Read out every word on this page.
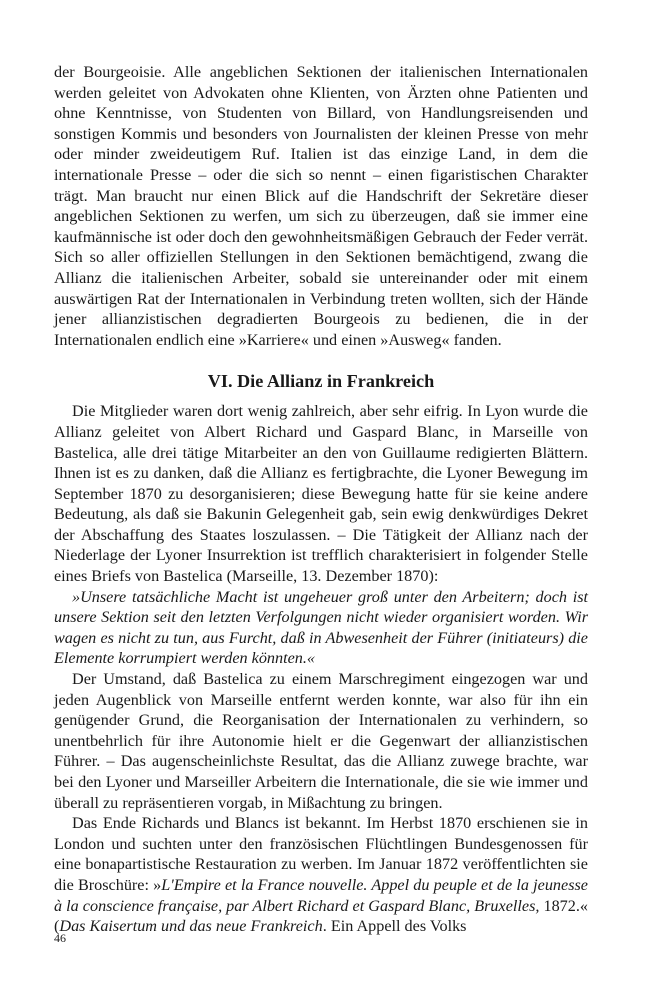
der Bourgeoisie. Alle angeblichen Sektionen der italienischen Internationalen werden geleitet von Advokaten ohne Klienten, von Ärzten ohne Patienten und ohne Kenntnisse, von Studenten von Billard, von Handlungsreisenden und sonstigen Kommis und besonders von Journalisten der kleinen Presse von mehr oder minder zweideutigem Ruf. Italien ist das einzige Land, in dem die internationale Presse – oder die sich so nennt – einen figaristischen Charakter trägt. Man braucht nur einen Blick auf die Handschrift der Sekretäre dieser angeblichen Sektionen zu werfen, um sich zu überzeugen, daß sie immer eine kaufmännische ist oder doch den gewohnheitsmäßigen Gebrauch der Feder verrät. Sich so aller offiziellen Stellungen in den Sektionen bemächtigend, zwang die Allianz die italienischen Arbeiter, sobald sie untereinander oder mit einem auswärtigen Rat der Internationalen in Verbindung treten wollten, sich der Hände jener allianzistischen degradierten Bourgeois zu bedienen, die in der Internationalen endlich eine »Karriere« und einen »Ausweg« fanden.

VI. Die Allianz in Frankreich

Die Mitglieder waren dort wenig zahlreich, aber sehr eifrig. In Lyon wurde die Allianz geleitet von Albert Richard und Gaspard Blanc, in Marseille von Bastelica, alle drei tätige Mitarbeiter an den von Guillaume redigierten Blättern. Ihnen ist es zu danken, daß die Allianz es fertigbrachte, die Lyoner Bewegung im September 1870 zu desorganisieren; diese Bewegung hatte für sie keine andere Bedeutung, als daß sie Bakunin Gelegenheit gab, sein ewig denkwürdiges Dekret der Abschaffung des Staates loszulassen. – Die Tätigkeit der Allianz nach der Niederlage der Lyoner Insurrektion ist trefflich charakterisiert in folgender Stelle eines Briefs von Bastelica (Marseille, 13. Dezember 1870):

»Unsere tatsächliche Macht ist ungeheuer groß unter den Arbeitern; doch ist unsere Sektion seit den letzten Verfolgungen nicht wieder organisiert worden. Wir wagen es nicht zu tun, aus Furcht, daß in Abwesenheit der Führer (initiateurs) die Elemente korrumpiert werden könnten.«

Der Umstand, daß Bastelica zu einem Marschregiment eingezogen war und jeden Augenblick von Marseille entfernt werden konnte, war also für ihn ein genügender Grund, die Reorganisation der Internationalen zu verhindern, so unentbehrlich für ihre Autonomie hielt er die Gegenwart der allianzistischen Führer. – Das augenscheinlichste Resultat, das die Allianz zuwege brachte, war bei den Lyoner und Marseiller Arbeitern die Internationale, die sie wie immer und überall zu repräsentieren vorgab, in Mißachtung zu bringen.

Das Ende Richards und Blancs ist bekannt. Im Herbst 1870 erschienen sie in London und suchten unter den französischen Flüchtlingen Bundesgenossen für eine bonapartistische Restauration zu werben. Im Januar 1872 veröffentlichten sie die Broschüre: »L'Empire et la France nouvelle. Appel du peuple et de la jeunesse à la conscience française, par Albert Richard et Gaspard Blanc, Bruxelles, 1872.« (Das Kaisertum und das neue Frankreich. Ein Appell des Volks

46
